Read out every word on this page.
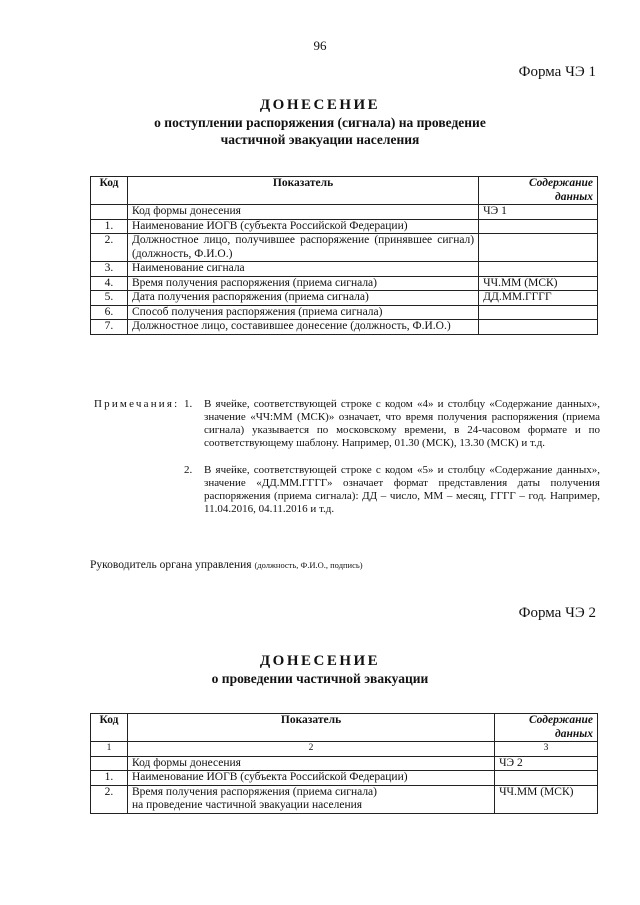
96
Форма ЧЭ 1
ДОНЕСЕНИЕ
о поступлении распоряжения (сигнала) на проведение
частичной эвакуации населения
Код	Показатель	Содержание
данных

	Код формы донесения	ЧЭ 1
1.	Наименование ИОГВ (субъекта Российской Федерации)	
2.	Должностное лицо, получившее распоряжение (принявшее сигнал) (должность, Ф.И.О.)	
3.	Наименование сигнала	
4.	Время получения распоряжения (приема сигнала)	ЧЧ.ММ (МСК)
5.	Дата получения распоряжения (приема сигнала)	ДД.ММ.ГГГГ
6.	Способ получения распоряжения (приема сигнала)	
7.	Должностное лицо, составившее донесение (должность, Ф.И.О.)	
Примечания: 1. В ячейке, соответствующей строке с кодом «4» и столбцу «Содержание данных», значение «ЧЧ:ММ (МСК)» означает, что время получения распоряжения (приема сигнала) указывается по московскому времени, в 24-часовом формате и по соответствующему шаблону. Например, 01.30 (МСК), 13.30 (МСК) и т.д.
2. В ячейке, соответствующей строке с кодом «5» и столбцу «Содержание данных», значение «ДД.ММ.ГГГГ» означает формат представления даты получения распоряжения (приема сигнала): ДД – число, ММ – месяц, ГГГГ – год. Например, 11.04.2016, 04.11.2016 и т.д.
Руководитель органа управления (должность, Ф.И.О., подпись)
Форма ЧЭ 2
ДОНЕСЕНИЕ
о проведении частичной эвакуации
Код	Показатель	Содержание
данных

1	2	3
	Код формы донесения	ЧЭ 2
1.	Наименование ИОГВ (субъекта Российской Федерации)	
2.	Время получения распоряжения (приема сигнала)
на проведение частичной эвакуации населения	ЧЧ.ММ (МСК)
